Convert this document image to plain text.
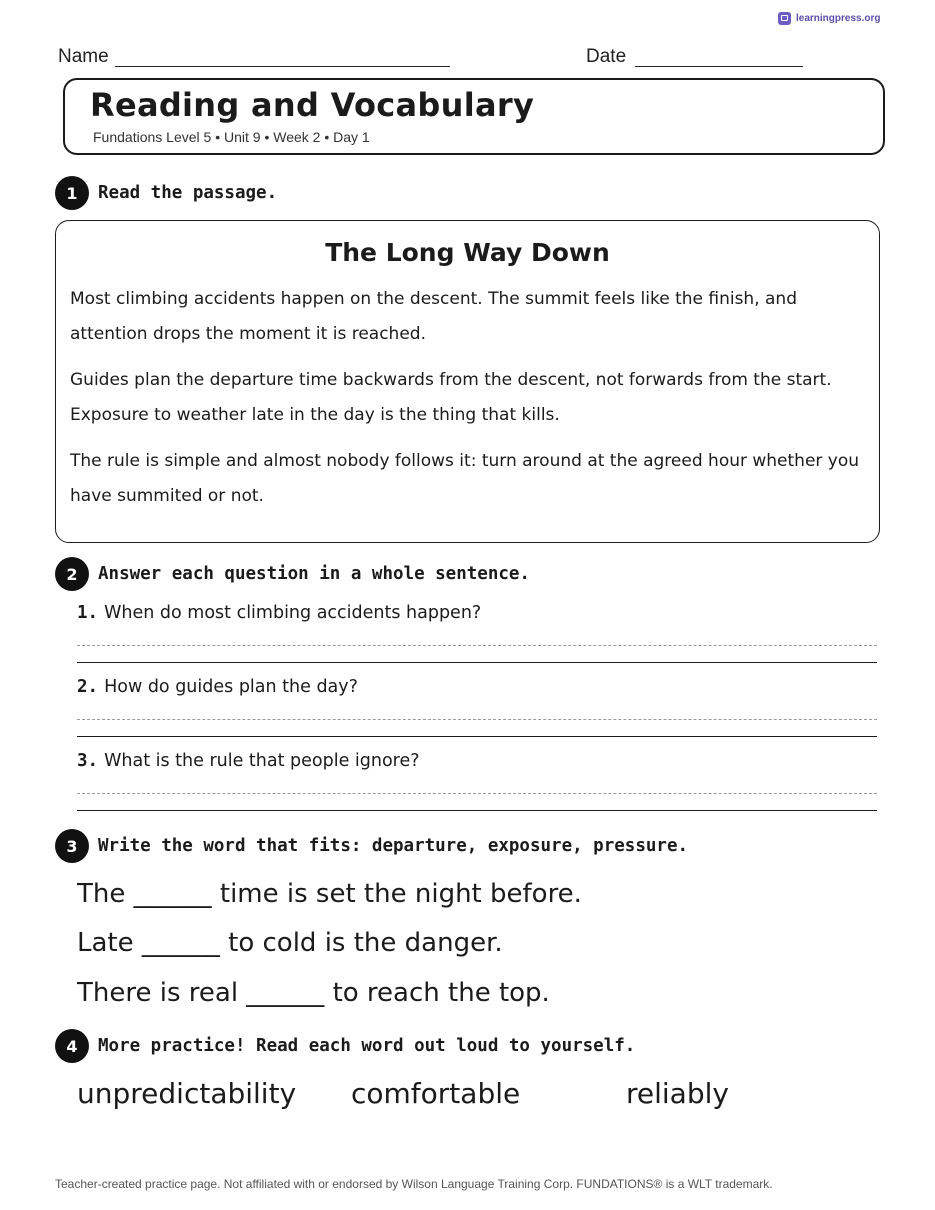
learningpress.org
Name	Date
Reading and Vocabulary
Fundations Level 5 • Unit 9 • Week 2 • Day 1
1	Read the passage.
The Long Way Down
Most climbing accidents happen on the descent. The summit feels like the finish, and attention drops the moment it is reached.
Guides plan the departure time backwards from the descent, not forwards from the start. Exposure to weather late in the day is the thing that kills.
The rule is simple and almost nobody follows it: turn around at the agreed hour whether you have summited or not.
2	Answer each question in a whole sentence.
1. When do most climbing accidents happen?
2. How do guides plan the day?
3. What is the rule that people ignore?
3	Write the word that fits: departure, exposure, pressure.
The ______ time is set the night before.
Late ______ to cold is the danger.
There is real ______ to reach the top.
4	More practice! Read each word out loud to yourself.
unpredictability comfortable	reliably
Teacher-created practice page. Not affiliated with or endorsed by Wilson Language Training Corp. FUNDATIONS® is a WLT trademark.
